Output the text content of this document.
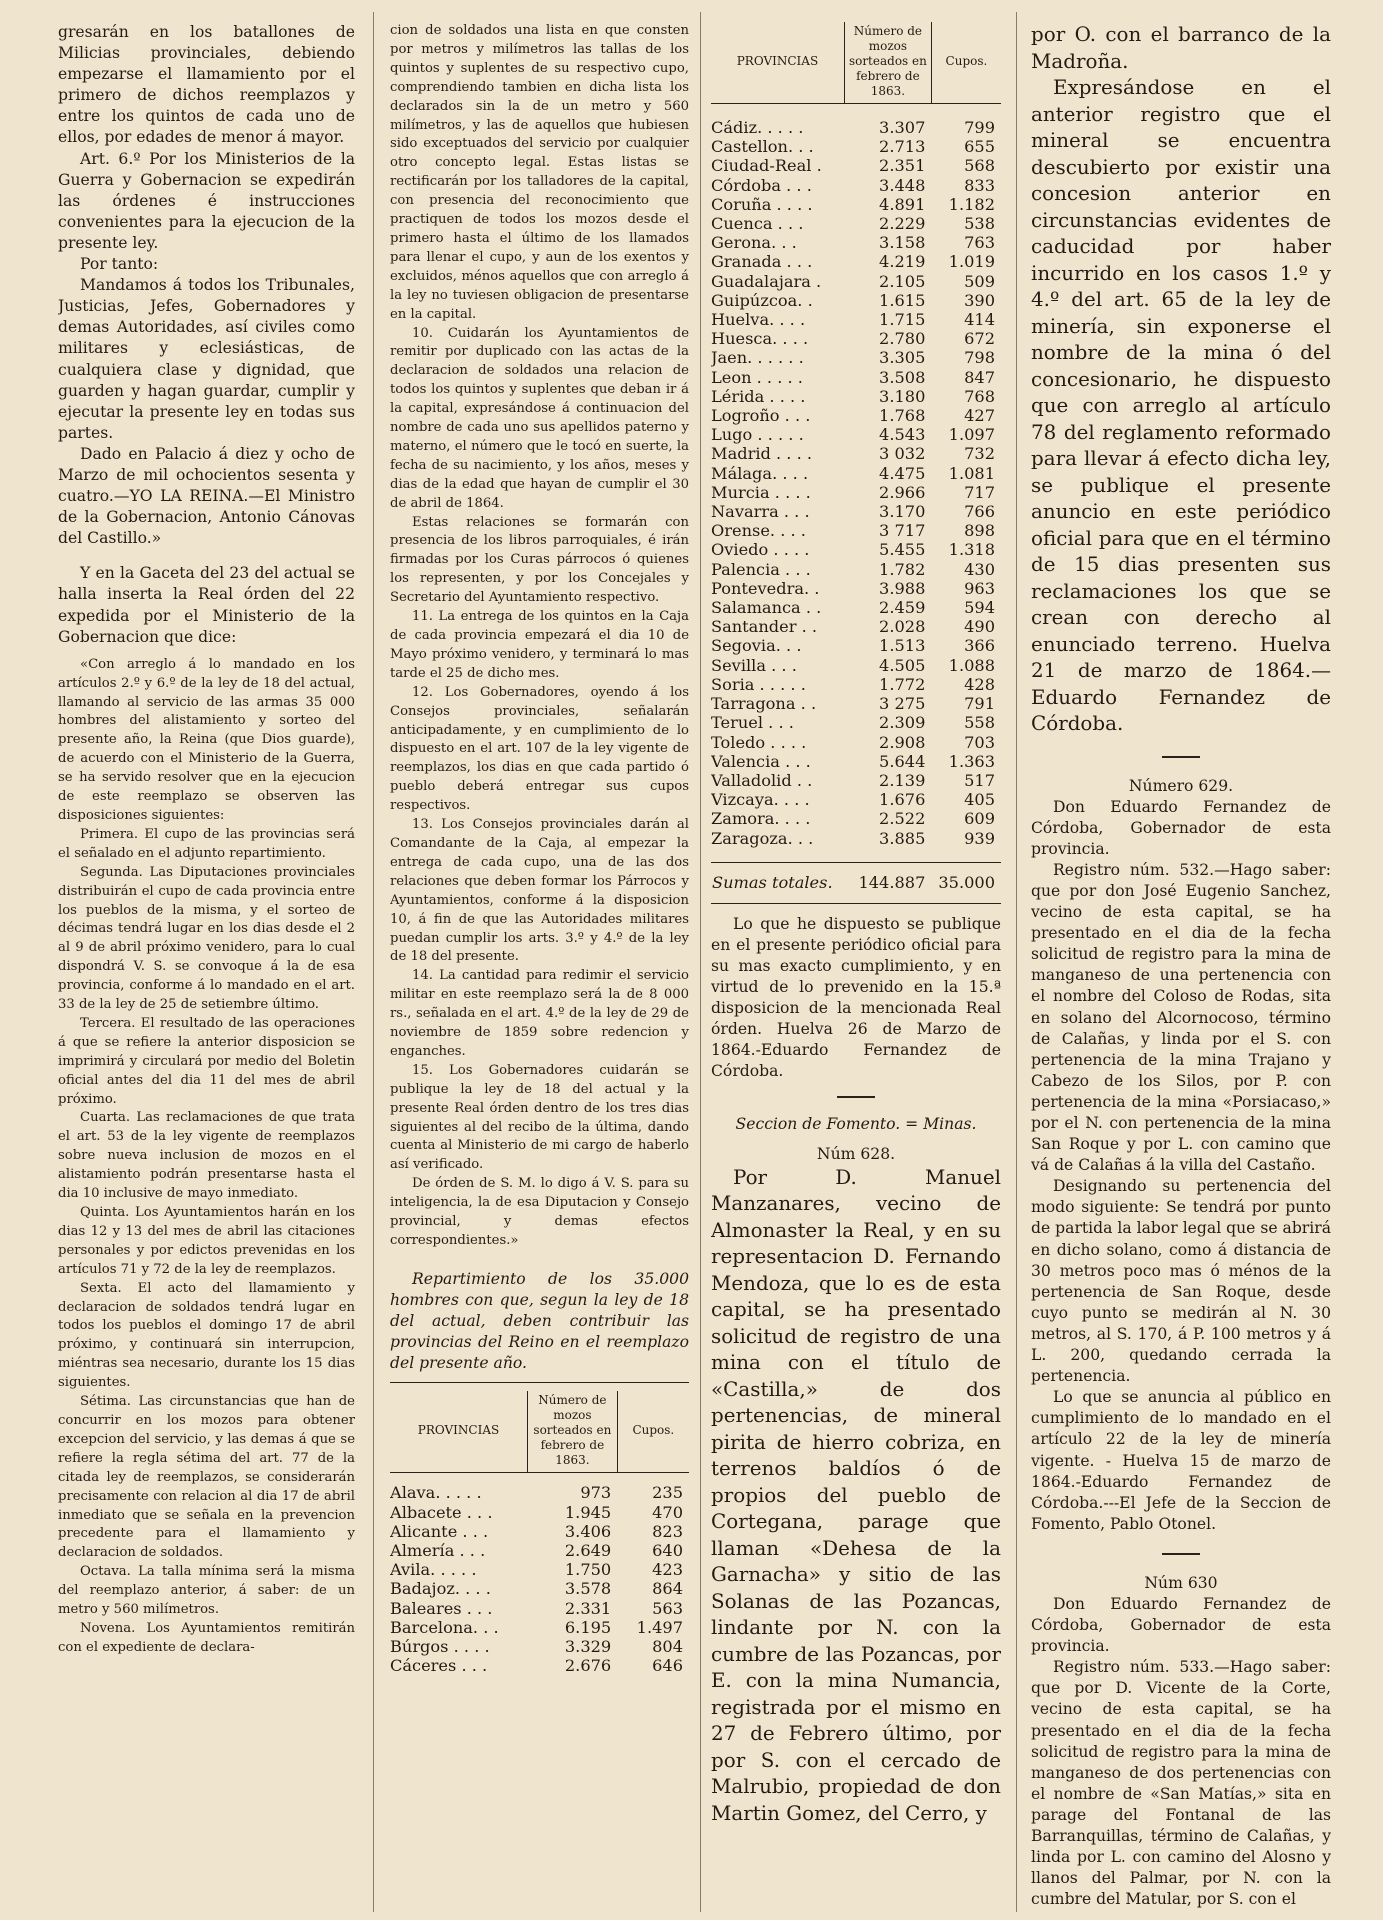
gresarán en los batallones de Milicias provinciales, debiendo empezarse el llamamiento por el primero de dichos reemplazos y entre los quintos de cada uno de ellos, por edades de menor á mayor.

Art. 6.º Por los Ministerios de la Guerra y Gobernacion se expedirán las órdenes é instrucciones convenientes para la ejecucion de la presente ley.

Por tanto:

Mandamos á todos los Tribunales, Justicias, Jefes, Gobernadores y demas Autoridades, así civiles como militares y eclesiásticas, de cualquiera clase y dignidad, que guarden y hagan guardar, cumplir y ejecutar la presente ley en todas sus partes.

Dado en Palacio á diez y ocho de Marzo de mil ochocientos sesenta y cuatro.—YO LA REINA.—El Ministro de la Gobernacion, Antonio Cánovas del Castillo.»

Y en la Gaceta del 23 del actual se halla inserta la Real órden del 22 expedida por el Ministerio de la Gobernacion que dice:

«Con arreglo á lo mandado en los artículos 2.º y 6.º de la ley de 18 del actual, llamando al servicio de las armas 35 000 hombres del alistamiento y sorteo del presente año, la Reina (que Dios guarde), de acuerdo con el Ministerio de la Guerra, se ha servido resolver que en la ejecucion de este reemplazo se observen las disposiciones siguientes:

Primera. El cupo de las provincias será el señalado en el adjunto repartimiento.

Segunda. Las Diputaciones provinciales distribuirán el cupo de cada provincia entre los pueblos de la misma, y el sorteo de décimas tendrá lugar en los dias desde el 2 al 9 de abril próximo venidero, para lo cual dispondrá V. S. se convoque á la de esa provincia, conforme á lo mandado en el art. 33 de la ley de 25 de setiembre último.

Tercera. El resultado de las operaciones á que se refiere la anterior disposicion se imprimirá y circulará por medio del Boletin oficial antes del dia 11 del mes de abril próximo.

Cuarta. Las reclamaciones de que trata el art. 53 de la ley vigente de reemplazos sobre nueva inclusion de mozos en el alistamiento podrán presentarse hasta el dia 10 inclusive de mayo inmediato.

Quinta. Los Ayuntamientos harán en los dias 12 y 13 del mes de abril las citaciones personales y por edictos prevenidas en los artículos 71 y 72 de la ley de reemplazos.

Sexta. El acto del llamamiento y declaracion de soldados tendrá lugar en todos los pueblos el domingo 17 de abril próximo, y continuará sin interrupcion, miéntras sea necesario, durante los 15 dias siguientes.

Sétima. Las circunstancias que han de concurrir en los mozos para obtener excepcion del servicio, y las demas á que se refiere la regla sétima del art. 77 de la citada ley de reemplazos, se considerarán precisamente con relacion al dia 17 de abril inmediato que se señala en la prevencion precedente para el llamamiento y declaracion de soldados.

Octava. La talla mínima será la misma del reemplazo anterior, á saber: de un metro y 560 milímetros.

Novena. Los Ayuntamientos remitirán con el expediente de declara-

cion de soldados una lista en que consten por metros y milímetros las tallas de los quintos y suplentes de su respectivo cupo, comprendiendo tambien en dicha lista los declarados sin la de un metro y 560 milímetros, y las de aquellos que hubiesen sido exceptuados del servicio por cualquier otro concepto legal. Estas listas se rectificarán por los talladores de la capital, con presencia del reconocimiento que practiquen de todos los mozos desde el primero hasta el último de los llamados para llenar el cupo, y aun de los exentos y excluidos, ménos aquellos que con arreglo á la ley no tuviesen obligacion de presentarse en la capital.

10. Cuidarán los Ayuntamientos de remitir por duplicado con las actas de la declaracion de soldados una relacion de todos los quintos y suplentes que deban ir á la capital, expresándose á continuacion del nombre de cada uno sus apellidos paterno y materno, el número que le tocó en suerte, la fecha de su nacimiento, y los años, meses y dias de la edad que hayan de cumplir el 30 de abril de 1864.

Estas relaciones se formarán con presencia de los libros parroquiales, é irán firmadas por los Curas párrocos ó quienes los representen, y por los Concejales y Secretario del Ayuntamiento respectivo.

11. La entrega de los quintos en la Caja de cada provincia empezará el dia 10 de Mayo próximo venidero, y terminará lo mas tarde el 25 de dicho mes.

12. Los Gobernadores, oyendo á los Consejos provinciales, señalarán anticipadamente, y en cumplimiento de lo dispuesto en el art. 107 de la ley vigente de reemplazos, los dias en que cada partido ó pueblo deberá entregar sus cupos respectivos.

13. Los Consejos provinciales darán al Comandante de la Caja, al empezar la entrega de cada cupo, una de las dos relaciones que deben formar los Párrocos y Ayuntamientos, conforme á la disposicion 10, á fin de que las Autoridades militares puedan cumplir los arts. 3.º y 4.º de la ley de 18 del presente.

14. La cantidad para redimir el servicio militar en este reemplazo será la de 8 000 rs., señalada en el art. 4.º de la ley de 29 de noviembre de 1859 sobre redencion y enganches.

15. Los Gobernadores cuidarán se publique la ley de 18 del actual y la presente Real órden dentro de los tres dias siguientes al del recibo de la última, dando cuenta al Ministerio de mi cargo de haberlo así verificado.

De órden de S. M. lo digo á V. S. para su inteligencia, la de esa Diputacion y Consejo provincial, y demas efectos correspondientes.»

Repartimiento de los 35.000 hombres con que, segun la ley de 18 del actual, deben contribuir las provincias del Reino en el reemplazo del presente año.

PROVINCIAS	Número de mozos sorteados en febrero de 1863.	Cupos.

Alava. . . . .	973	235
Albacete . . .	1.945	470
Alicante . . .	3.406	823
Almería . . .	2.649	640
Avila. . . . .	1.750	423
Badajoz. . . .	3.578	864
Baleares . . .	2.331	563
Barcelona. . .	6.195	1.497
Búrgos . . . .	3.329	804
Cáceres . . .	2.676	646
PROVINCIAS	Número de mozos sorteados en febrero de 1863.	Cupos.

Cádiz. . . . .	3.307	799
Castellon. . .	2.713	655
Ciudad-Real .	2.351	568
Córdoba . . .	3.448	833
Coruña . . . .	4.891	1.182
Cuenca . . .	2.229	538
Gerona. . .	3.158	763
Granada . . .	4.219	1.019
Guadalajara .	2.105	509
Guipúzcoa. .	1.615	390
Huelva. . . .	1.715	414
Huesca. . . .	2.780	672
Jaen. . . . . .	3.305	798
Leon . . . . .	3.508	847
Lérida . . . .	3.180	768
Logroño . . .	1.768	427
Lugo . . . . .	4.543	1.097
Madrid . . . .	3 032	732
Málaga. . . .	4.475	1.081
Murcia . . . .	2.966	717
Navarra . . .	3.170	766
Orense. . . .	3 717	898
Oviedo . . . .	5.455	1.318
Palencia . . .	1.782	430
Pontevedra. .	3.988	963
Salamanca . .	2.459	594
Santander . .	2.028	490
Segovia. . .	1.513	366
Sevilla . . .	4.505	1.088
Soria . . . . .	1.772	428
Tarragona . .	3 275	791
Teruel . . .	2.309	558
Toledo . . . .	2.908	703
Valencia . . .	5.644	1.363
Valladolid . .	2.139	517
Vizcaya. . . .	1.676	405
Zamora. . . .	2.522	609
Zaragoza. . .	3.885	939
Sumas totales.	144.887	35.000

Lo que he dispuesto se publique en el presente periódico oficial para su mas exacto cumplimiento, y en virtud de lo prevenido en la 15.ª disposicion de la mencionada Real órden. Huelva 26 de Marzo de 1864.-Eduardo Fernandez de Córdoba.

Seccion de Fomento. = Minas.

Núm 628.

Por D. Manuel Manzanares, vecino de Almonaster la Real, y en su representacion D. Fernando Mendoza, que lo es de esta capital, se ha presentado solicitud de registro de una mina con el título de «Castilla,» de dos pertenencias, de mineral pirita de hierro cobriza, en terrenos baldíos ó de propios del pueblo de Cortegana, parage que llaman «Dehesa de la Garnacha» y sitio de las Solanas de las Pozancas, lindante por N. con la cumbre de las Pozancas, por E. con la mina Numancia, registrada por el mismo en 27 de Febrero último, por por S. con el cercado de Malrubio, propiedad de don Martin Gomez, del Cerro, y

por O. con el barranco de la Madroña.

Expresándose en el anterior registro que el mineral se encuentra descubierto por existir una concesion anterior en circunstancias evidentes de caducidad por haber incurrido en los casos 1.º y 4.º del art. 65 de la ley de minería, sin exponerse el nombre de la mina ó del concesionario, he dispuesto que con arreglo al artículo 78 del reglamento reformado para llevar á efecto dicha ley, se publique el presente anuncio en este periódico oficial para que en el término de 15 dias presenten sus reclamaciones los que se crean con derecho al enunciado terreno. Huelva 21 de marzo de 1864.—Eduardo Fernandez de Córdoba.

Número 629.

Don Eduardo Fernandez de Córdoba, Gobernador de esta provincia.

Registro núm. 532.—Hago saber: que por don José Eugenio Sanchez, vecino de esta capital, se ha presentado en el dia de la fecha solicitud de registro para la mina de manganeso de una pertenencia con el nombre del Coloso de Rodas, sita en solano del Alcornocoso, término de Calañas, y linda por el S. con pertenencia de la mina Trajano y Cabezo de los Silos, por P. con pertenencia de la mina «Porsiacaso,» por el N. con pertenencia de la mina San Roque y por L. con camino que vá de Calañas á la villa del Castaño.

Designando su pertenencia del modo siguiente: Se tendrá por punto de partida la labor legal que se abrirá en dicho solano, como á distancia de 30 metros poco mas ó ménos de la pertenencia de San Roque, desde cuyo punto se medirán al N. 30 metros, al S. 170, á P. 100 metros y á L. 200, quedando cerrada la pertenencia.

Lo que se anuncia al público en cumplimiento de lo mandado en el artículo 22 de la ley de minería vigente. - Huelva 15 de marzo de 1864.-Eduardo Fernandez de Córdoba.---El Jefe de la Seccion de Fomento, Pablo Otonel.

Núm 630

Don Eduardo Fernandez de Córdoba, Gobernador de esta provincia.

Registro núm. 533.—Hago saber: que por D. Vicente de la Corte, vecino de esta capital, se ha presentado en el dia de la fecha solicitud de registro para la mina de manganeso de dos pertenencias con el nombre de «San Matías,» sita en parage del Fontanal de las Barranquillas, término de Calañas, y linda por L. con camino del Alosno y llanos del Palmar, por N. con la cumbre del Matular, por S. con el
